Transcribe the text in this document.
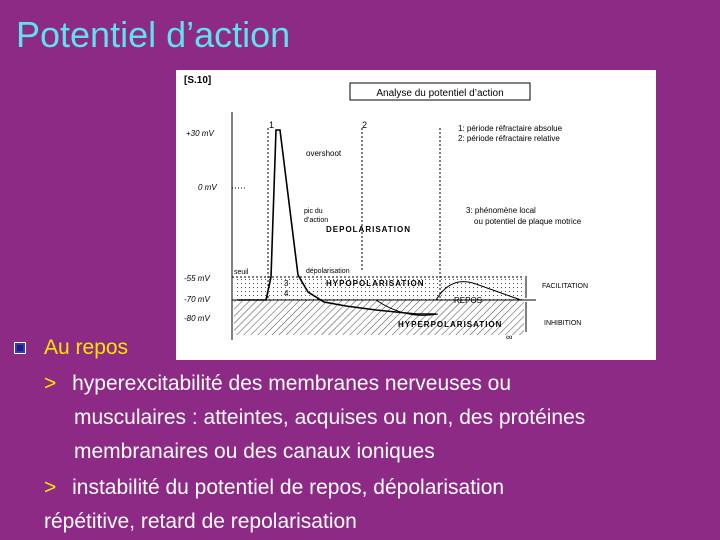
Potentiel d’action
[S.10]
Analyse du potentiel d’action
+30 mV
0 mV
-55 mV
-70 mV
-80 mV
1	2	1: période réfractaire absolue
2: période réfractaire relative
overshoot
pic du
d’action
3: phénomène local
ou potentiel de plaque motrice
DEPOLARISATION
seuil	dépolarisation
HYPOPOLARISATION
REPOS
HYPERPOLARISATION
3
4
FACILITATION
INHIBITION
∞
Au repos
> hyperexcitabilité des membranes nerveuses ou
musculaires : atteintes, acquises ou non, des protéines
membranaires ou des canaux ioniques
> instabilité du potentiel de repos, dépolarisation
répétitive, retard de repolarisation
